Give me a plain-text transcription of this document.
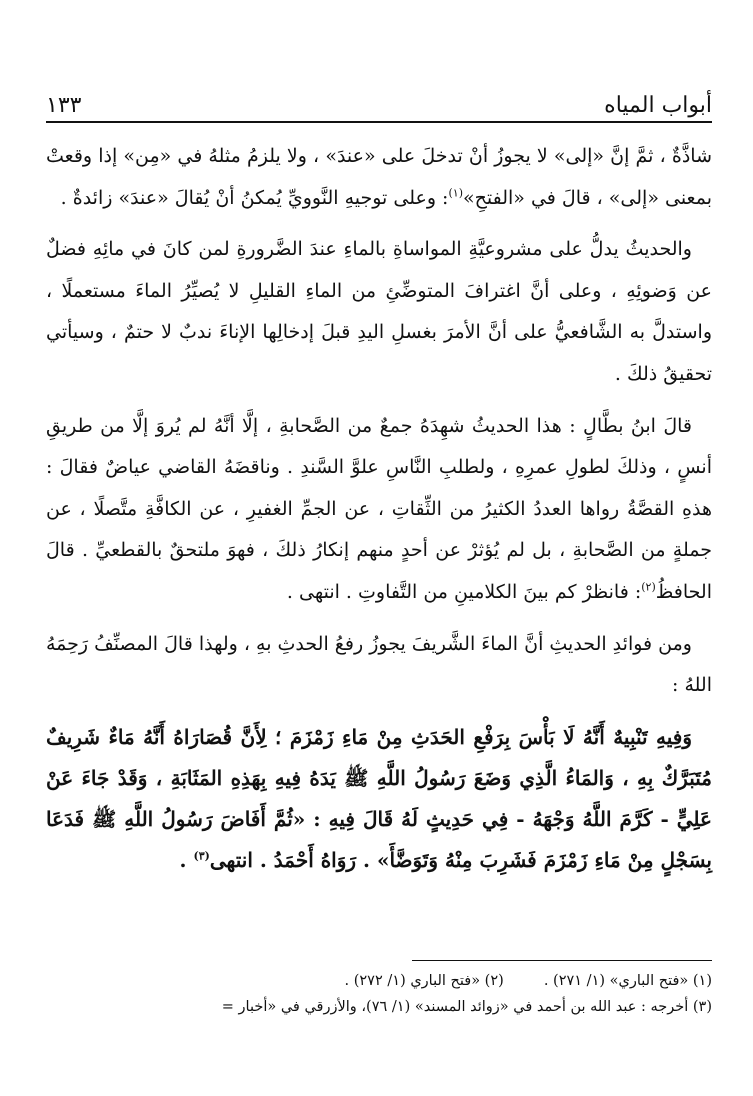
أبواب المياه
١٣٣

شاذَّةٌ ، ثمَّ إنَّ «إلى» لا يجوزُ أنْ تدخلَ على «عندَ» ، ولا يلزمُ مثلهُ في «مِن» إذا وقعتْ بمعنى «إلى» ، قالَ في «الفتحِ»$^{(١)}$: وعلى توجيهِ النَّوويِّ يُمكنُ أنْ يُقالَ «عندَ» زائدةٌ .

والحديثُ يدلُّ على مشروعيَّةِ المواساةِ بالماءِ عندَ الضَّرورةِ لمن كانَ في مائِهِ فضلٌ عن وَضوئِهِ ، وعلى أنَّ اغترافَ المتوضِّئِ من الماءِ القليلِ لا يُصيِّرُ الماءَ مستعملًا ، واستدلَّ به الشَّافعيُّ على أنَّ الأمرَ بغسلِ اليدِ قبلَ إدخالِها الإناءَ ندبٌ لا حتمٌ ، وسيأتي تحقيقُ ذلكَ .

قالَ ابنُ بطَّالٍ : هذا الحديثُ شهِدَهُ جمعٌ من الصَّحابةِ ، إلَّا أنَّهُ لم يُروَ إلَّا من طريقِ أنسٍ ، وذلكَ لطولِ عمرِهِ ، ولطلبِ النَّاسِ علوَّ السَّندِ . وناقضَهُ القاضي عياضٌ فقالَ : هذهِ القصَّةُ رواها العددُ الكثيرُ من الثِّقاتِ ، عن الجمِّ الغفيرِ ، عن الكافَّةِ متَّصلًا ، عن جملةٍ من الصَّحابةِ ، بل لم يُؤثرْ عن أحدٍ منهم إنكارُ ذلكَ ، فهوَ ملتحقٌ بالقطعيِّ . قالَ الحافظُ$^{(٢)}$: فانظرْ كم بينَ الكلامينِ من التَّفاوتِ . انتهى .

ومن فوائدِ الحديثِ أنَّ الماءَ الشَّريفَ يجوزُ رفعُ الحدثِ بهِ ، ولهذا قالَ المصنِّفُ رَحِمَهُ اللهُ :

وَفِيهِ تَنْبِيهٌ أَنَّهُ لَا بَأْسَ بِرَفْعِ الحَدَثِ مِنْ مَاءِ زَمْزَمَ ؛ لِأَنَّ قُصَارَاهُ أَنَّهُ مَاءٌ شَرِيفٌ مُتَبَرَّكٌ بِهِ ، وَالمَاءُ الَّذِي وَضَعَ رَسُولُ اللَّهِ ﷺ يَدَهُ فِيهِ بِهَذِهِ المَثَابَةِ ، وَقَدْ جَاءَ عَنْ عَلِيٍّ - كَرَّمَ اللَّهُ وَجْهَهُ - فِي حَدِيثٍ لَهُ قَالَ فِيهِ : «ثُمَّ أَفَاضَ رَسُولُ اللَّهِ ﷺ فَدَعَا بِسَجْلٍ مِنْ مَاءِ زَمْزَمَ فَشَرِبَ مِنْهُ وَتَوَضَّأَ» . رَوَاهُ أَحْمَدُ . انتهى$^{(٣)}$ .

(١) «فتح الباري» (١/ ٢٧١) .
(٢) «فتح الباري (١/ ٢٧٢) .
(٣) أخرجه : عبد الله بن أحمد في «زوائد المسند» (١/ ٧٦)، والأزرقي في «أخبار =
